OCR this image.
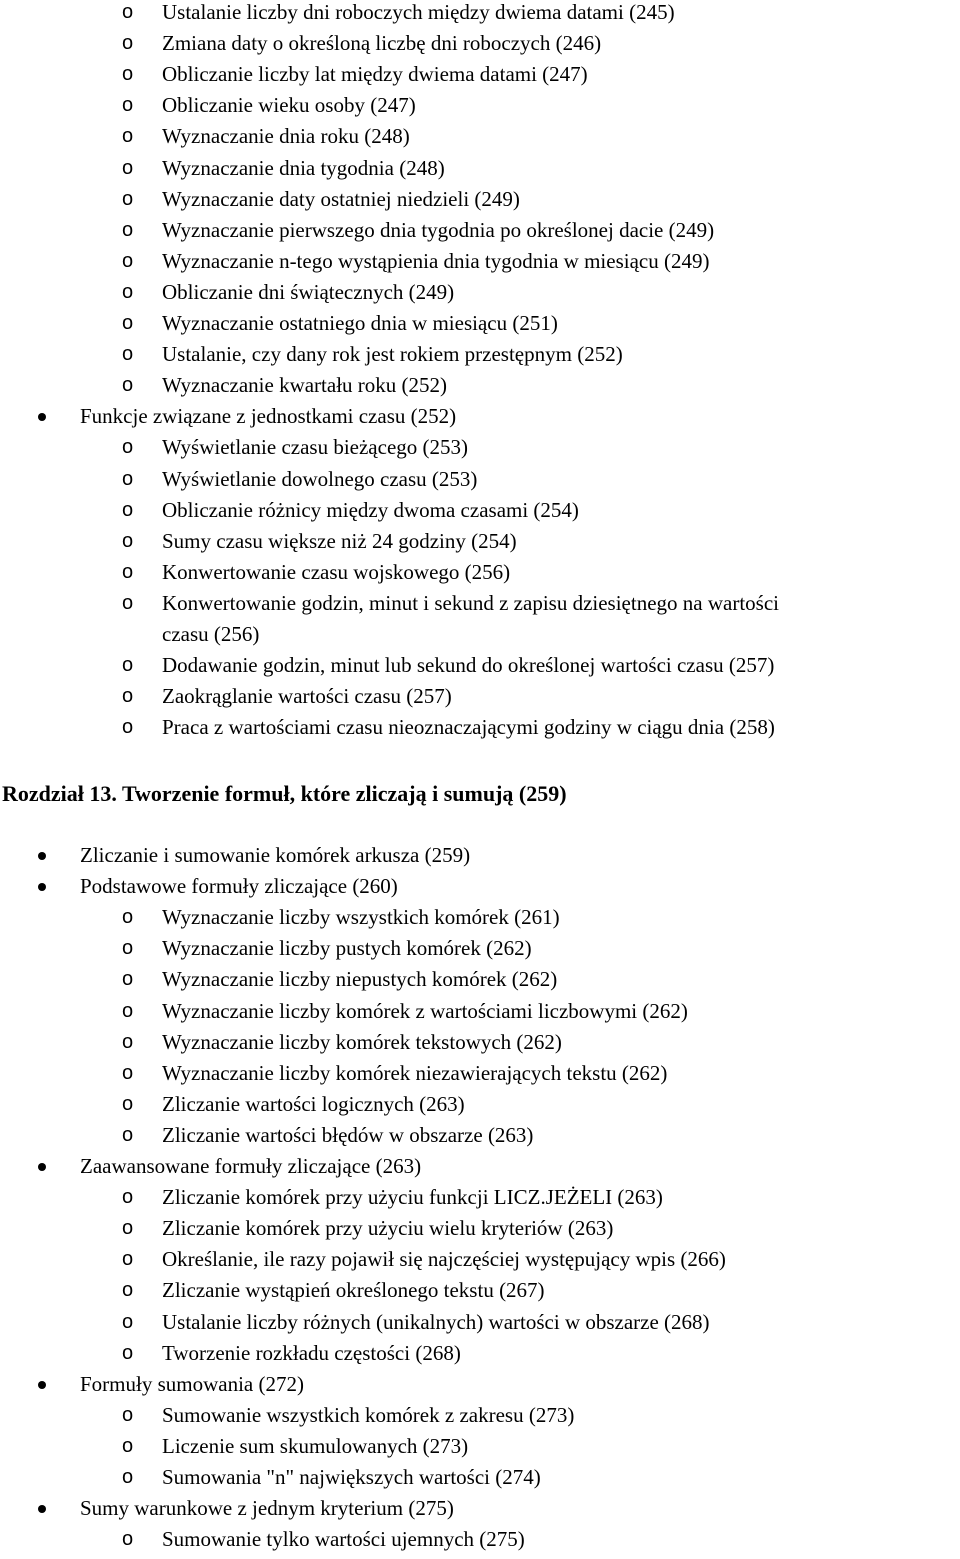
o Ustalanie liczby dni roboczych między dwiema datami (245)
o Zmiana daty o określoną liczbę dni roboczych (246)
o Obliczanie liczby lat między dwiema datami (247)
o Obliczanie wieku osoby (247)
o Wyznaczanie dnia roku (248)
o Wyznaczanie dnia tygodnia (248)
o Wyznaczanie daty ostatniej niedzieli (249)
o Wyznaczanie pierwszego dnia tygodnia po określonej dacie (249)
o Wyznaczanie n-tego wystąpienia dnia tygodnia w miesiącu (249)
o Obliczanie dni świątecznych (249)
o Wyznaczanie ostatniego dnia w miesiącu (251)
o Ustalanie, czy dany rok jest rokiem przestępnym (252)
o Wyznaczanie kwartału roku (252)
Funkcje związane z jednostkami czasu (252)
o Wyświetlanie czasu bieżącego (253)
o Wyświetlanie dowolnego czasu (253)
o Obliczanie różnicy między dwoma czasami (254)
o Sumy czasu większe niż 24 godziny (254)
o Konwertowanie czasu wojskowego (256)
o Konwertowanie godzin, minut i sekund z zapisu dziesiętnego na wartości
czasu (256)
o Dodawanie godzin, minut lub sekund do określonej wartości czasu (257)
o Zaokrąglanie wartości czasu (257)
o Praca z wartościami czasu nieoznaczającymi godziny w ciągu dnia (258)
Rozdział 13. Tworzenie formuł, które zliczają i sumują (259)
Zliczanie i sumowanie komórek arkusza (259)
Podstawowe formuły zliczające (260)
o Wyznaczanie liczby wszystkich komórek (261)
o Wyznaczanie liczby pustych komórek (262)
o Wyznaczanie liczby niepustych komórek (262)
o Wyznaczanie liczby komórek z wartościami liczbowymi (262)
o Wyznaczanie liczby komórek tekstowych (262)
o Wyznaczanie liczby komórek niezawierających tekstu (262)
o Zliczanie wartości logicznych (263)
o Zliczanie wartości błędów w obszarze (263)
Zaawansowane formuły zliczające (263)
o Zliczanie komórek przy użyciu funkcji LICZ.JEŻELI (263)
o Zliczanie komórek przy użyciu wielu kryteriów (263)
o Określanie, ile razy pojawił się najczęściej występujący wpis (266)
o Zliczanie wystąpień określonego tekstu (267)
o Ustalanie liczby różnych (unikalnych) wartości w obszarze (268)
o Tworzenie rozkładu częstości (268)
Formuły sumowania (272)
o Sumowanie wszystkich komórek z zakresu (273)
o Liczenie sum skumulowanych (273)
o Sumowania "n" największych wartości (274)
Sumy warunkowe z jednym kryterium (275)
o Sumowanie tylko wartości ujemnych (275)
